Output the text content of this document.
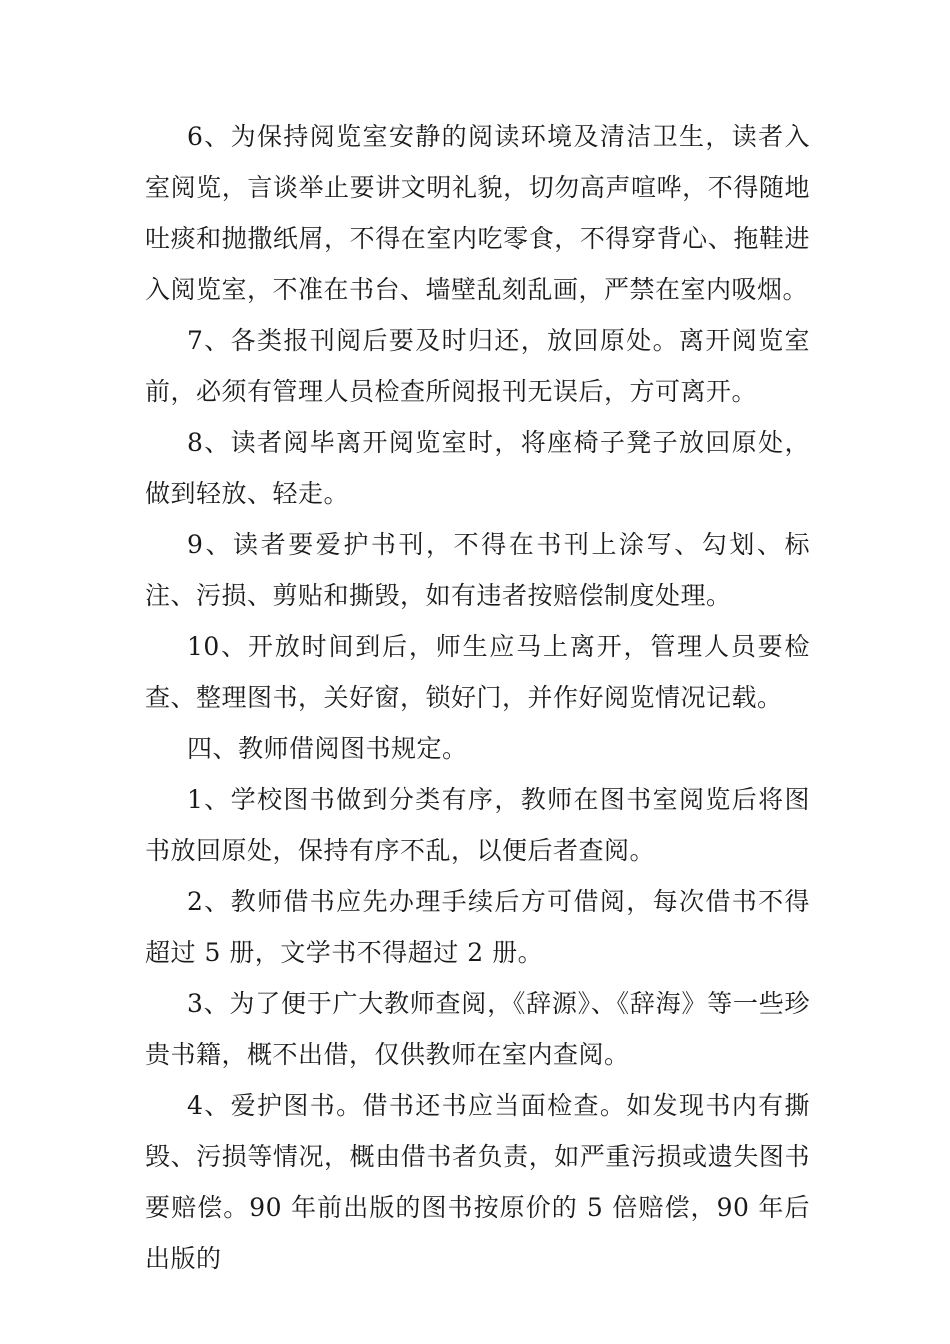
6、为保持阅览室安静的阅读环境及清洁卫生，读者入室阅览，言谈举止要讲文明礼貌，切勿高声喧哗，不得随地吐痰和抛撒纸屑，不得在室内吃零食，不得穿背心、拖鞋进入阅览室，不准在书台、墙壁乱刻乱画，严禁在室内吸烟。

7、各类报刊阅后要及时归还，放回原处。离开阅览室前，必须有管理人员检查所阅报刊无误后，方可离开。

8、读者阅毕离开阅览室时，将座椅子凳子放回原处，做到轻放、轻走。

9、读者要爱护书刊，不得在书刊上涂写、勾划、标注、污损、剪贴和撕毁，如有违者按赔偿制度处理。

10、开放时间到后，师生应马上离开，管理人员要检查、整理图书，关好窗，锁好门，并作好阅览情况记载。

四、教师借阅图书规定。

1、学校图书做到分类有序，教师在图书室阅览后将图书放回原处，保持有序不乱，以便后者查阅。

2、教师借书应先办理手续后方可借阅，每次借书不得超过 5 册，文学书不得超过 2 册。

3、为了便于广大教师查阅，《辞源》、《辞海》等一些珍贵书籍，概不出借，仅供教师在室内查阅。

4、爱护图书。借书还书应当面检查。如发现书内有撕毁、污损等情况，概由借书者负责，如严重污损或遗失图书要赔偿。90 年前出版的图书按原价的 5 倍赔偿，90 年后出版的
